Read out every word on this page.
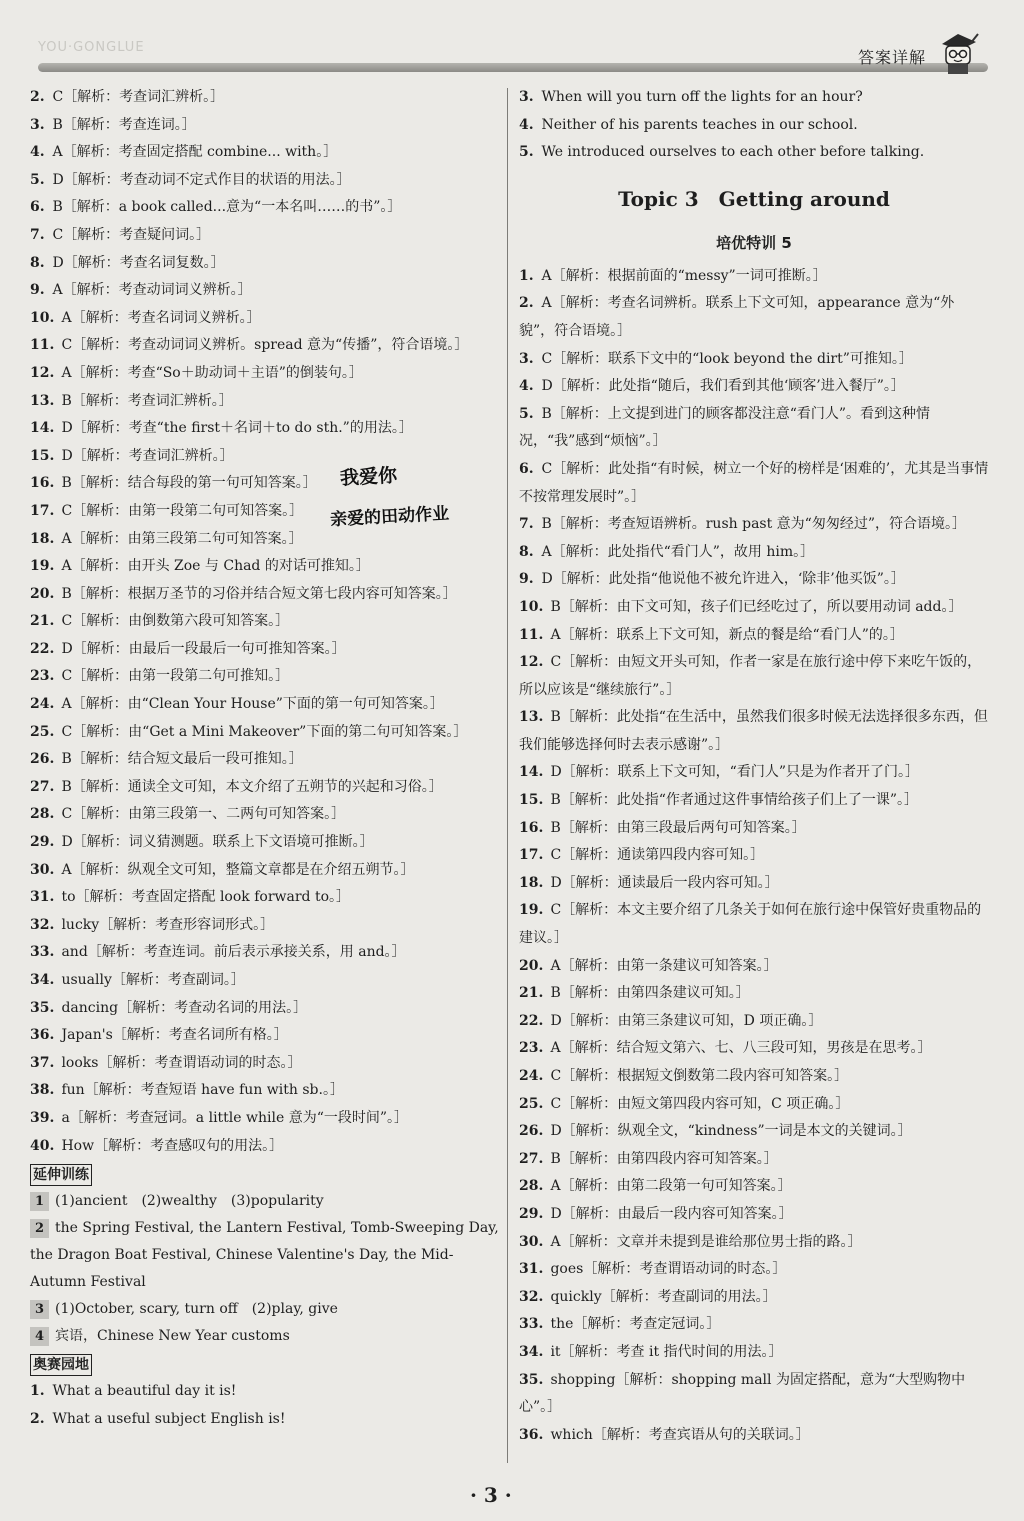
YOU·GONGLUE
答案详解
我爱你
亲爱的田动作业
2. C［解析：考查词汇辨析。］
3. B［解析：考查连词。］
4. A［解析：考查固定搭配 combine... with。］
5. D［解析：考查动词不定式作目的状语的用法。］
6. B［解析：a book called...意为“一本名叫……的书”。］
7. C［解析：考查疑问词。］
8. D［解析：考查名词复数。］
9. A［解析：考查动词词义辨析。］
10. A［解析：考查名词词义辨析。］
11. C［解析：考查动词词义辨析。spread 意为“传播”，符合语境。］
12. A［解析：考查“So＋助动词＋主语”的倒装句。］
13. B［解析：考查词汇辨析。］
14. D［解析：考查“the first＋名词＋to do sth.”的用法。］
15. D［解析：考查词汇辨析。］
16. B［解析：结合每段的第一句可知答案。］
17. C［解析：由第一段第二句可知答案。］
18. A［解析：由第三段第二句可知答案。］
19. A［解析：由开头 Zoe 与 Chad 的对话可推知。］
20. B［解析：根据万圣节的习俗并结合短文第七段内容可知答案。］
21. C［解析：由倒数第六段可知答案。］
22. D［解析：由最后一段最后一句可推知答案。］
23. C［解析：由第一段第二句可推知。］
24. A［解析：由“Clean Your House”下面的第一句可知答案。］
25. C［解析：由“Get a Mini Makeover”下面的第二句可知答案。］
26. B［解析：结合短文最后一段可推知。］
27. B［解析：通读全文可知，本文介绍了五朔节的兴起和习俗。］
28. C［解析：由第三段第一、二两句可知答案。］
29. D［解析：词义猜测题。联系上下文语境可推断。］
30. A［解析：纵观全文可知，整篇文章都是在介绍五朔节。］
31. to［解析：考查固定搭配 look forward to。］
32. lucky［解析：考查形容词形式。］
33. and［解析：考查连词。前后表示承接关系，用 and。］
34. usually［解析：考查副词。］
35. dancing［解析：考查动名词的用法。］
36. Japan's［解析：考查名词所有格。］
37. looks［解析：考查谓语动词的时态。］
38. fun［解析：考查短语 have fun with sb.。］
39. a［解析：考查冠词。a little while 意为“一段时间”。］
40. How［解析：考查感叹句的用法。］
延伸训练
1 (1)ancient　(2)wealthy　(3)popularity
2 the Spring Festival, the Lantern Festival, Tomb-Sweeping Day, the Dragon Boat Festival, Chinese Valentine's Day, the Mid-Autumn Festival
3 (1)October, scary, turn off　(2)play, give
4 宾语，Chinese New Year customs
奥赛园地
1. What a beautiful day it is!
2. What a useful subject English is!
3. When will you turn off the lights for an hour?
4. Neither of his parents teaches in our school.
5. We introduced ourselves to each other before talking.
Topic 3　Getting around
培优特训 5
1. A［解析：根据前面的“messy”一词可推断。］
2. A［解析：考查名词辨析。联系上下文可知，appearance 意为“外貌”，符合语境。］
3. C［解析：联系下文中的“look beyond the dirt”可推知。］
4. D［解析：此处指“随后，我们看到其他‘顾客’进入餐厅”。］
5. B［解析：上文提到进门的顾客都没注意“看门人”。看到这种情况，“我”感到“烦恼”。］
6. C［解析：此处指“有时候，树立一个好的榜样是‘困难的’，尤其是当事情不按常理发展时”。］
7. B［解析：考查短语辨析。rush past 意为“匆匆经过”，符合语境。］
8. A［解析：此处指代“看门人”，故用 him。］
9. D［解析：此处指“他说他不被允许进入，‘除非’他买饭”。］
10. B［解析：由下文可知，孩子们已经吃过了，所以要用动词 add。］
11. A［解析：联系上下文可知，新点的餐是给“看门人”的。］
12. C［解析：由短文开头可知，作者一家是在旅行途中停下来吃午饭的，所以应该是“继续旅行”。］
13. B［解析：此处指“在生活中，虽然我们很多时候无法选择很多东西，但我们能够选择何时去表示感谢”。］
14. D［解析：联系上下文可知，“看门人”只是为作者开了门。］
15. B［解析：此处指“作者通过这件事情给孩子们上了一课”。］
16. B［解析：由第三段最后两句可知答案。］
17. C［解析：通读第四段内容可知。］
18. D［解析：通读最后一段内容可知。］
19. C［解析：本文主要介绍了几条关于如何在旅行途中保管好贵重物品的建议。］
20. A［解析：由第一条建议可知答案。］
21. B［解析：由第四条建议可知。］
22. D［解析：由第三条建议可知，D 项正确。］
23. A［解析：结合短文第六、七、八三段可知，男孩是在思考。］
24. C［解析：根据短文倒数第二段内容可知答案。］
25. C［解析：由短文第四段内容可知，C 项正确。］
26. D［解析：纵观全文，“kindness”一词是本文的关键词。］
27. B［解析：由第四段内容可知答案。］
28. A［解析：由第二段第一句可知答案。］
29. D［解析：由最后一段内容可知答案。］
30. A［解析：文章并未提到是谁给那位男士指的路。］
31. goes［解析：考查谓语动词的时态。］
32. quickly［解析：考查副词的用法。］
33. the［解析：考查定冠词。］
34. it［解析：考查 it 指代时间的用法。］
35. shopping［解析：shopping mall 为固定搭配，意为“大型购物中心”。］
36. which［解析：考查宾语从句的关联词。］
· 3 ·
